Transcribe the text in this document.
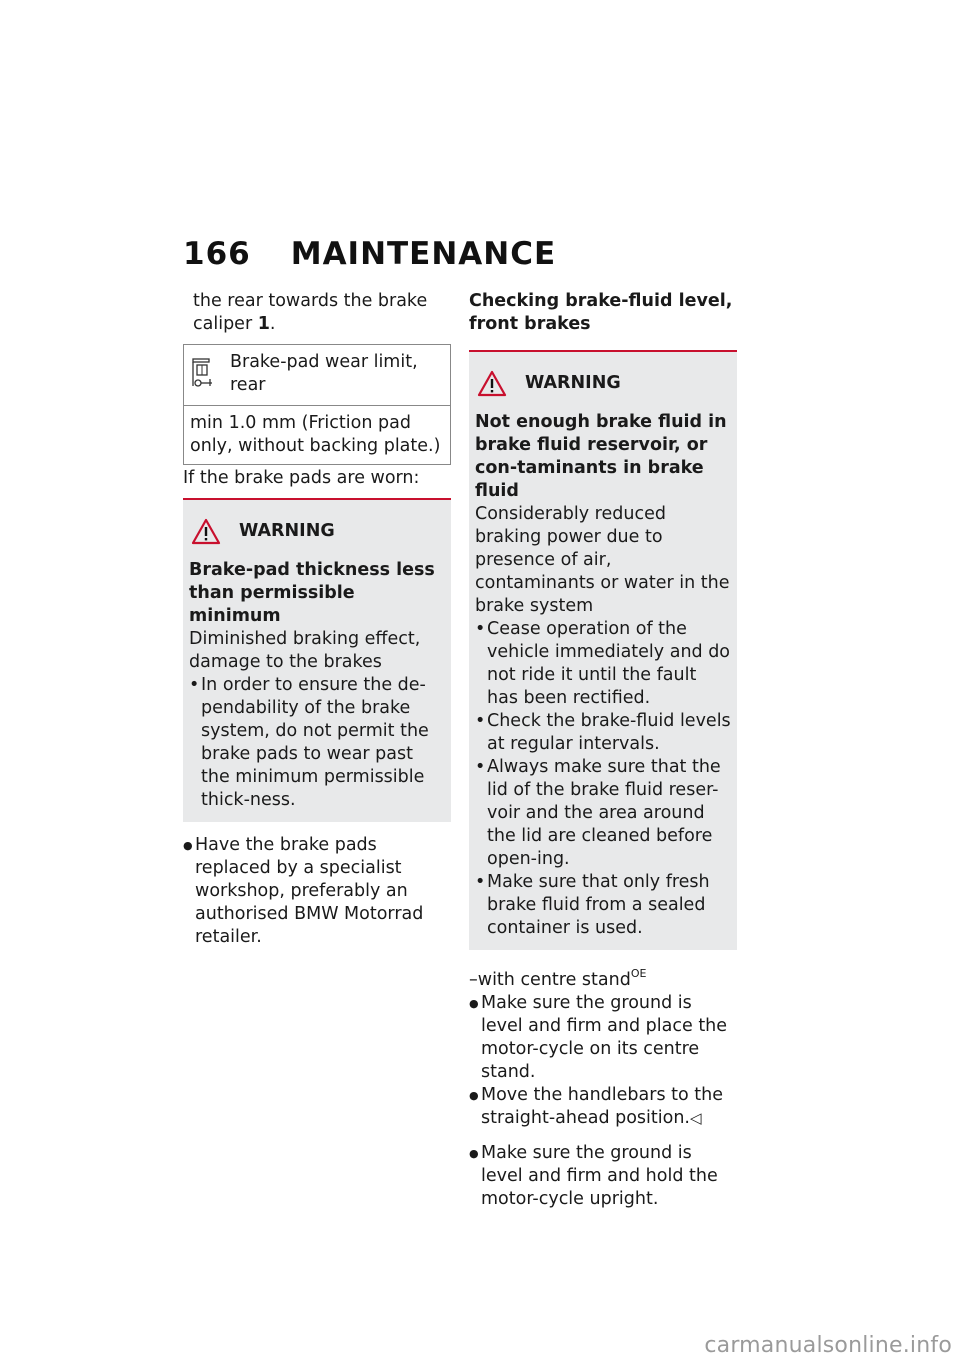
166 MAINTENANCE

the rear towards the brake caliper 1.

Brake-pad wear limit, rear
min 1.0 mm (Friction pad only, without backing plate.)

If the brake pads are worn:

WARNING

Brake-pad thickness less than permissible minimum

Diminished braking effect, damage to the brakes

• In order to ensure the de-pendability of the brake system, do not permit the brake pads to wear past the minimum permissible thick-ness.
● Have the brake pads replaced by a specialist workshop, preferably an authorised BMW Motorrad retailer.
Checking brake-fluid level, front brakes
WARNING

Not enough brake fluid in brake fluid reservoir, or con-taminants in brake fluid

Considerably reduced braking power due to presence of air, contaminants or water in the brake system

• Cease operation of the vehicle immediately and do not ride it until the fault has been rectified.
• Check the brake-fluid levels at regular intervals.
• Always make sure that the lid of the brake fluid reser-voir and the area around the lid are cleaned before open-ing.
• Make sure that only fresh brake fluid from a sealed container is used.

–with centre stand$^{OE}$

● Make sure the ground is level and firm and place the motor-cycle on its centre stand.
● Move the handlebars to the straight-ahead position.◁
● Make sure the ground is level and firm and hold the motor-cycle upright.
carmanualsonline.info
